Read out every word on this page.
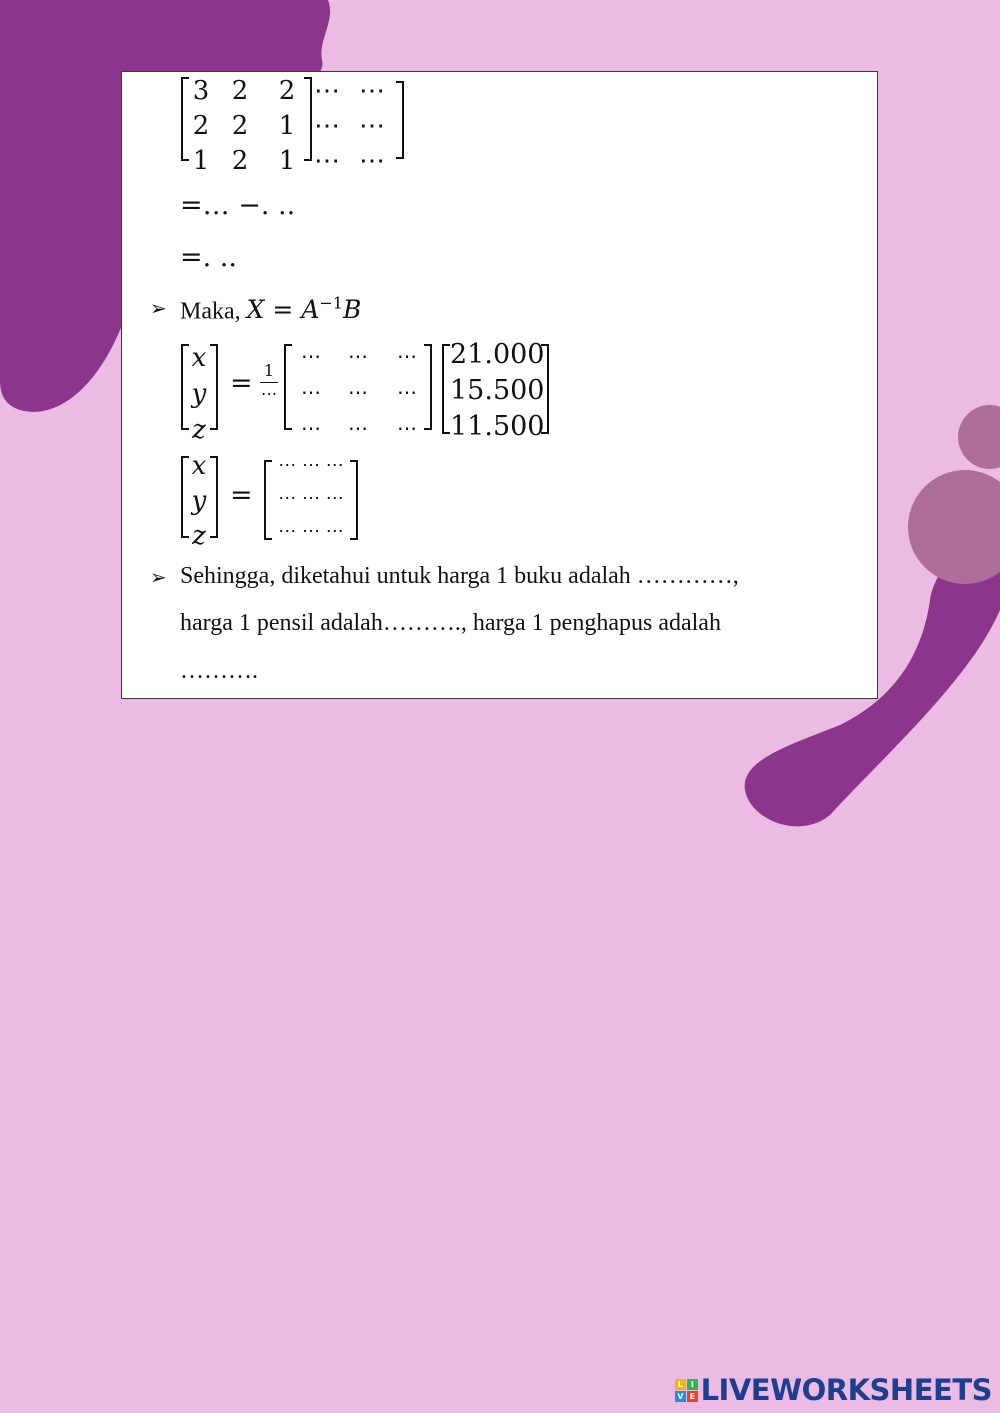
3 2	2 ⋯ ⋯
2 2	1 ⋯ ⋯
1 2	1 ⋯ ⋯
=… −. ..
=. ..
➢ Maka, $X = A^{-1}B$
x
y
z
= 1
⋯
⋯	⋯	⋯
⋯	⋯	⋯
⋯	⋯	⋯
21.000
15.500
11.500
x
y
z
=
⋯ ⋯ ⋯
⋯ ⋯ ⋯
⋯ ⋯ ⋯
➢ Sehingga, diketahui untuk harga 1 buku adalah …………,
harga 1 pensil adalah………., harga 1 penghapus adalah
……….
L	I
V E LIVEWORKSHEETS
